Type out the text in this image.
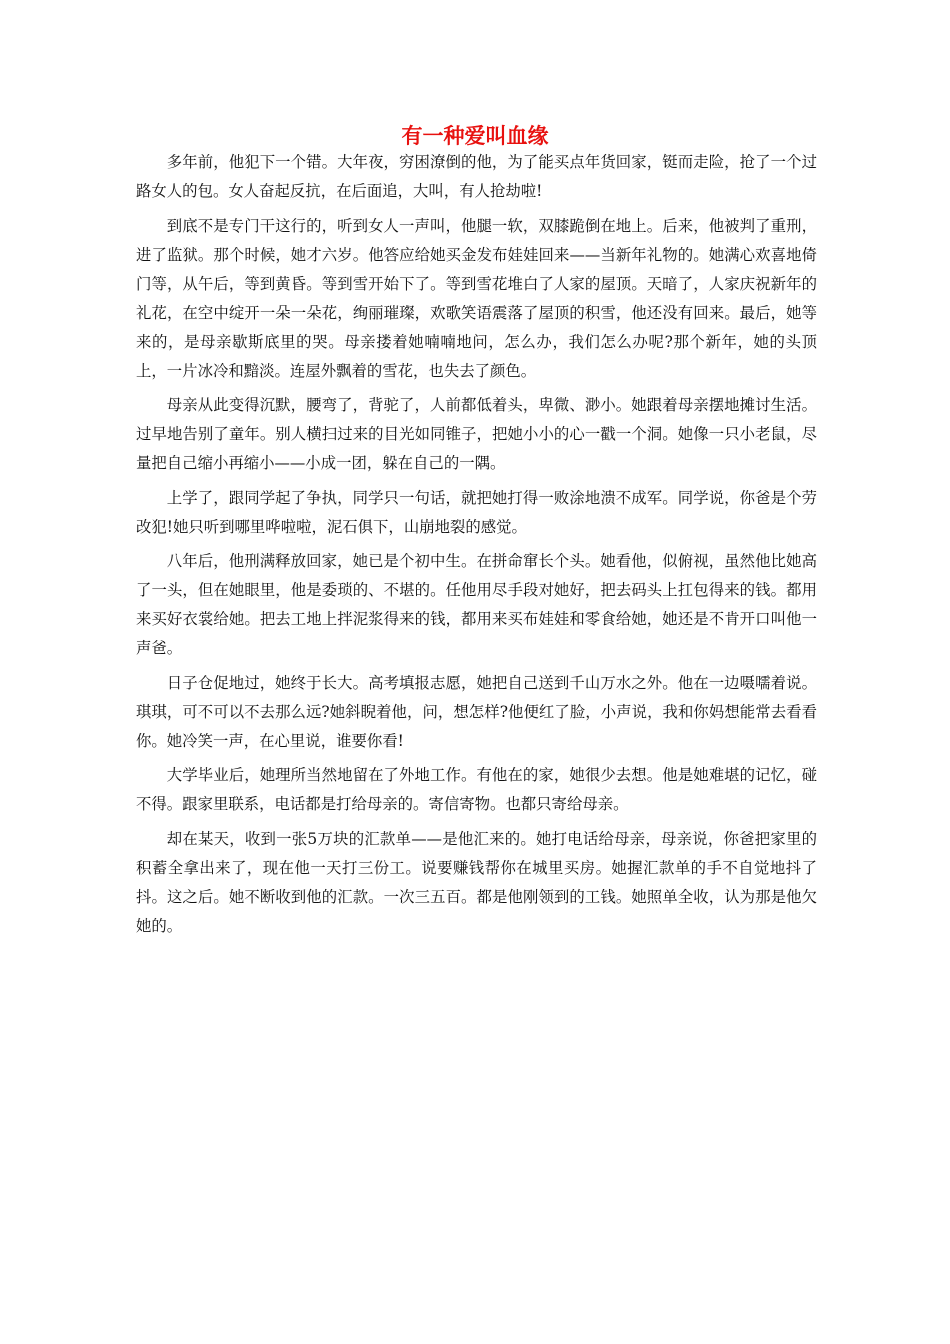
有一种爱叫血缘

多年前，他犯下一个错。大年夜，穷困潦倒的他，为了能买点年货回家，铤而走险，抢了一个过路女人的包。女人奋起反抗，在后面追，大叫，有人抢劫啦!

到底不是专门干这行的，听到女人一声叫，他腿一软，双膝跪倒在地上。后来，他被判了重刑，进了监狱。那个时候，她才六岁。他答应给她买金发布娃娃回来——当新年礼物的。她满心欢喜地倚门等，从午后，等到黄昏。等到雪开始下了。等到雪花堆白了人家的屋顶。天暗了，人家庆祝新年的礼花，在空中绽开一朵一朵花，绚丽璀璨，欢歌笑语震落了屋顶的积雪，他还没有回来。最后，她等来的，是母亲歇斯底里的哭。母亲搂着她喃喃地问，怎么办，我们怎么办呢?那个新年，她的头顶上，一片冰冷和黯淡。连屋外飘着的雪花，也失去了颜色。

母亲从此变得沉默，腰弯了，背驼了，人前都低着头，卑微、渺小。她跟着母亲摆地摊讨生活。过早地告别了童年。别人横扫过来的目光如同锥子，把她小小的心一戳一个洞。她像一只小老鼠，尽量把自己缩小再缩小——小成一团，躲在自己的一隅。

上学了，跟同学起了争执，同学只一句话，就把她打得一败涂地溃不成军。同学说，你爸是个劳改犯!她只听到哪里哗啦啦，泥石俱下，山崩地裂的感觉。

八年后，他刑满释放回家，她已是个初中生。在拼命窜长个头。她看他，似俯视，虽然他比她高了一头，但在她眼里，他是委琐的、不堪的。任他用尽手段对她好，把去码头上扛包得来的钱。都用来买好衣裳给她。把去工地上拌泥浆得来的钱，都用来买布娃娃和零食给她，她还是不肯开口叫他一声爸。

日子仓促地过，她终于长大。高考填报志愿，她把自己送到千山万水之外。他在一边嗫嚅着说。琪琪，可不可以不去那么远?她斜睨着他，问，想怎样?他便红了脸，小声说，我和你妈想能常去看看你。她冷笑一声，在心里说，谁要你看!

大学毕业后，她理所当然地留在了外地工作。有他在的家，她很少去想。他是她难堪的记忆，碰不得。跟家里联系，电话都是打给母亲的。寄信寄物。也都只寄给母亲。

却在某天，收到一张5万块的汇款单——是他汇来的。她打电话给母亲，母亲说，你爸把家里的积蓄全拿出来了，现在他一天打三份工。说要赚钱帮你在城里买房。她握汇款单的手不自觉地抖了抖。这之后。她不断收到他的汇款。一次三五百。都是他刚领到的工钱。她照单全收，认为那是他欠她的。
